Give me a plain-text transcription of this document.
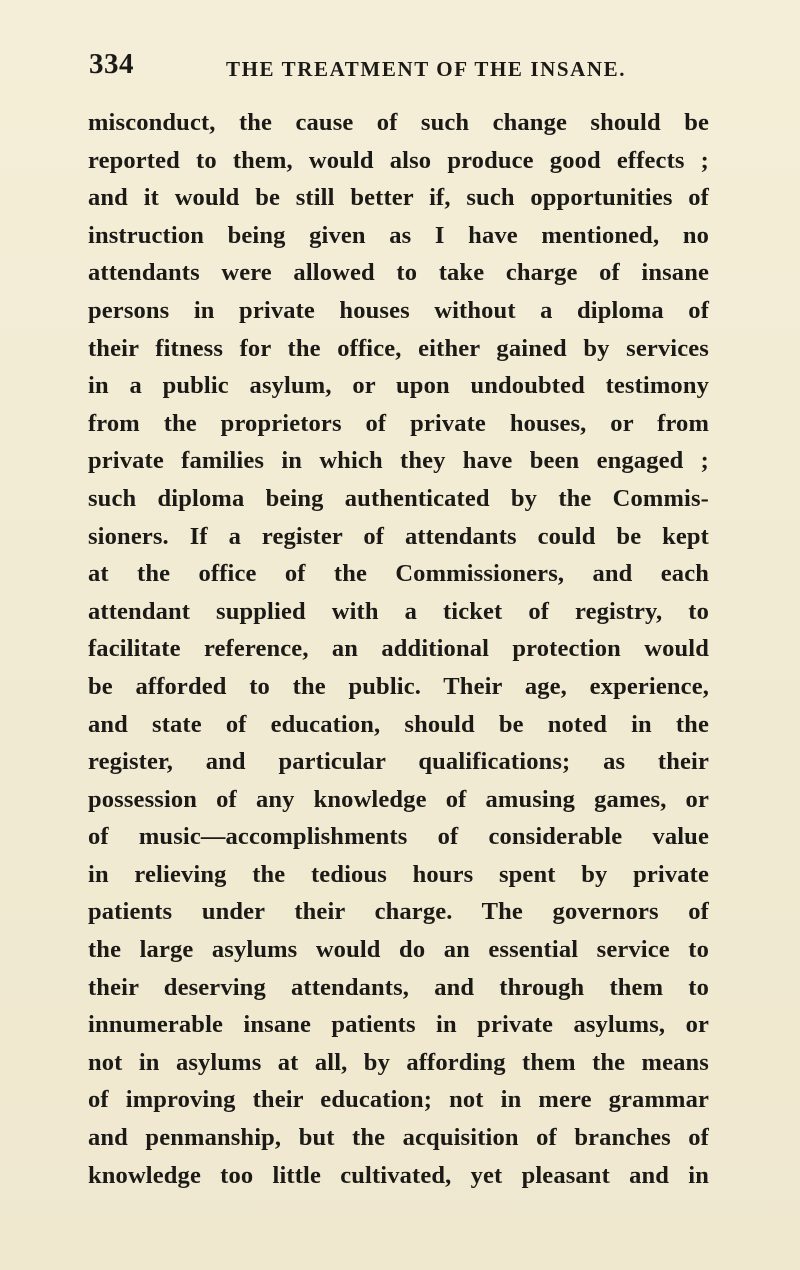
334	THE TREATMENT OF THE INSANE.
misconduct, the cause of such change should be
reported to them, would also produce good effects ;
and it would be still better if, such opportunities of
instruction being given as I have mentioned, no
attendants were allowed to take charge of insane
persons in private houses without a diploma of
their fitness for the office, either gained by services
in a public asylum, or upon undoubted testimony
from the proprietors of private houses, or from
private families in which they have been engaged ;
such diploma being authenticated by the Commis-
sioners. If a register of attendants could be kept
at the office of the Commissioners, and each
attendant supplied with a ticket of registry, to
facilitate reference, an additional protection would
be afforded to the public. Their age, experience,
and state of education, should be noted in the
register, and particular qualifications; as their
possession of any knowledge of amusing games, or
of music—accomplishments of considerable value
in relieving the tedious hours spent by private
patients under their charge. The governors of
the large asylums would do an essential service to
their deserving attendants, and through them to
innumerable insane patients in private asylums, or
not in asylums at all, by affording them the means
of improving their education; not in mere grammar
and penmanship, but the acquisition of branches of
knowledge too little cultivated, yet pleasant and in
